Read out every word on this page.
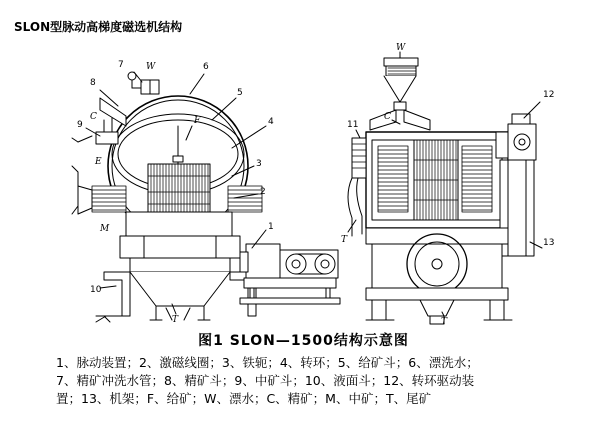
SLON型脉动高梯度磁选机结构
7 W	6
8
5
C	4
F
9
3
E
2
M	1
10
T
W
12
C
11
T	13
T
图1 SLON—1500结构示意图
1、脉动装置；2、激磁线圈；3、铁轭；4、转环；5、给矿斗；6、漂洗水；
7、精矿冲洗水管；8、精矿斗；9、中矿斗；10、液面斗；12、转环驱动装
置；13、机架；F、给矿；W、漂水；C、精矿；M、中矿；T、尾矿
